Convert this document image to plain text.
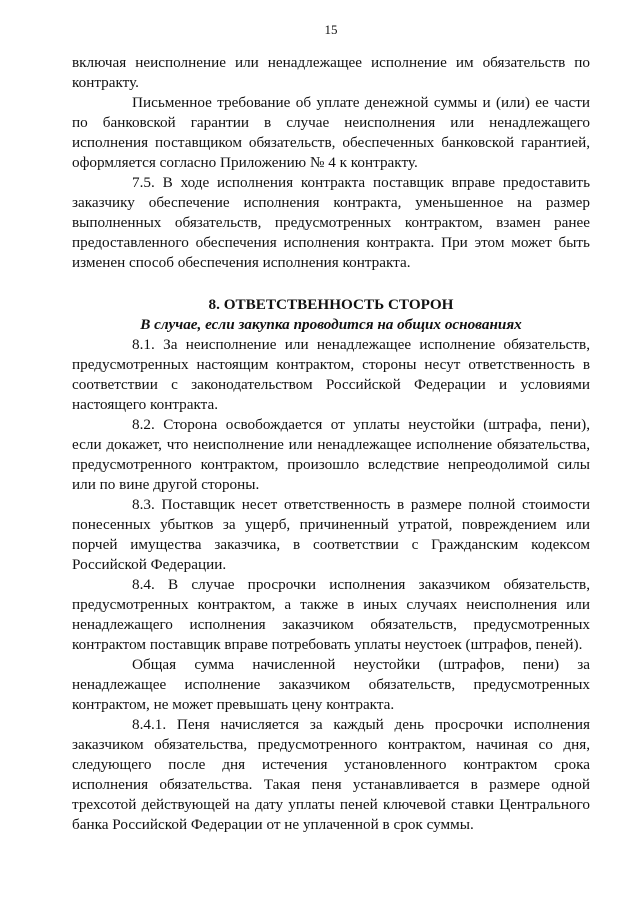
15

включая неисполнение или ненадлежащее исполнение им обязательств по контракту.

Письменное требование об уплате денежной суммы и (или) ее части по банковской гарантии в случае неисполнения или ненадлежащего исполнения поставщиком обязательств, обеспеченных банковской гарантией, оформляется согласно Приложению № 4 к контракту.

7.5. В ходе исполнения контракта поставщик вправе предоставить заказчику обеспечение исполнения контракта, уменьшенное на размер выполненных обязательств, предусмотренных контрактом, взамен ранее предоставленного обеспечения исполнения контракта. При этом может быть изменен способ обеспечения исполнения контракта.

8. ОТВЕТСТВЕННОСТЬ СТОРОН
В случае, если закупка проводится на общих основаниях

8.1. За неисполнение или ненадлежащее исполнение обязательств, предусмотренных настоящим контрактом, стороны несут ответственность в соответствии с законодательством Российской Федерации и условиями настоящего контракта.

8.2. Сторона освобождается от уплаты неустойки (штрафа, пени), если докажет, что неисполнение или ненадлежащее исполнение обязательства, предусмотренного контрактом, произошло вследствие непреодолимой силы или по вине другой стороны.

8.3. Поставщик несет ответственность в размере полной стоимости понесенных убытков за ущерб, причиненный утратой, повреждением или порчей имущества заказчика, в соответствии с Гражданским кодексом Российской Федерации.

8.4. В случае просрочки исполнения заказчиком обязательств, предусмотренных контрактом, а также в иных случаях неисполнения или ненадлежащего исполнения заказчиком обязательств, предусмотренных контрактом поставщик вправе потребовать уплаты неустоек (штрафов, пеней).

Общая сумма начисленной неустойки (штрафов, пени) за ненадлежащее исполнение заказчиком обязательств, предусмотренных контрактом, не может превышать цену контракта.

8.4.1. Пеня начисляется за каждый день просрочки исполнения заказчиком обязательства, предусмотренного контрактом, начиная со дня, следующего после дня истечения установленного контрактом срока исполнения обязательства. Такая пеня устанавливается в размере одной трехсотой действующей на дату уплаты пеней ключевой ставки Центрального банка Российской Федерации от не уплаченной в срок суммы.
